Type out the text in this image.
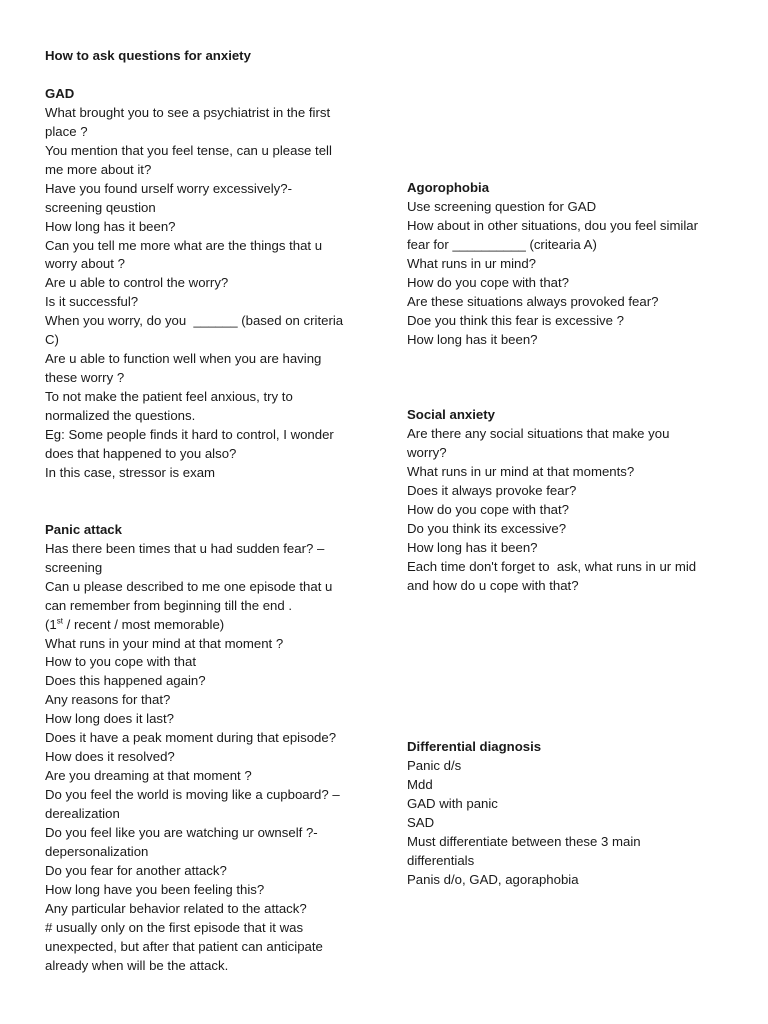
How to ask questions for anxiety
GAD
What brought you to see a psychiatrist in the first
place ?
You mention that you feel tense, can u please tell
me more about it?
Have you found urself worry excessively?-
screening qeustion
How long has it been?
Can you tell me more what are the things that u
worry about ?
Are u able to control the worry?
Is it successful?
When you worry, do you  ______ (based on criteria
C)
Are u able to function well when you are having
these worry ?
To not make the patient feel anxious, try to
normalized the questions.
Eg: Some people finds it hard to control, I wonder
does that happened to you also?
In this case, stressor is exam
Panic attack
Has there been times that u had sudden fear? –
screening
Can u please described to me one episode that u
can remember from beginning till the end .
(1st / recent / most memorable)
What runs in your mind at that moment ?
How to you cope with that
Does this happened again?
Any reasons for that?
How long does it last?
Does it have a peak moment during that episode?
How does it resolved?
Are you dreaming at that moment ?
Do you feel the world is moving like a cupboard? –
derealization
Do you feel like you are watching ur ownself ?-
depersonalization
Do you fear for another attack?
How long have you been feeling this?
Any particular behavior related to the attack?
# usually only on the first episode that it was
unexpected, but after that patient can anticipate
already when will be the attack.
Agorophobia
Use screening question for GAD
How about in other situations, dou you feel similar
fear for __________ (critearia A)
What runs in ur mind?
How do you cope with that?
Are these situations always provoked fear?
Doe you think this fear is excessive ?
How long has it been?
Social anxiety
Are there any social situations that make you
worry?
What runs in ur mind at that moments?
Does it always provoke fear?
How do you cope with that?
Do you think its excessive?
How long has it been?
Each time don't forget to  ask, what runs in ur mid
and how do u cope with that?
Differential diagnosis
Panic d/s
Mdd
GAD with panic
SAD
Must differentiate between these 3 main
differentials
Panis d/o, GAD, agoraphobia
